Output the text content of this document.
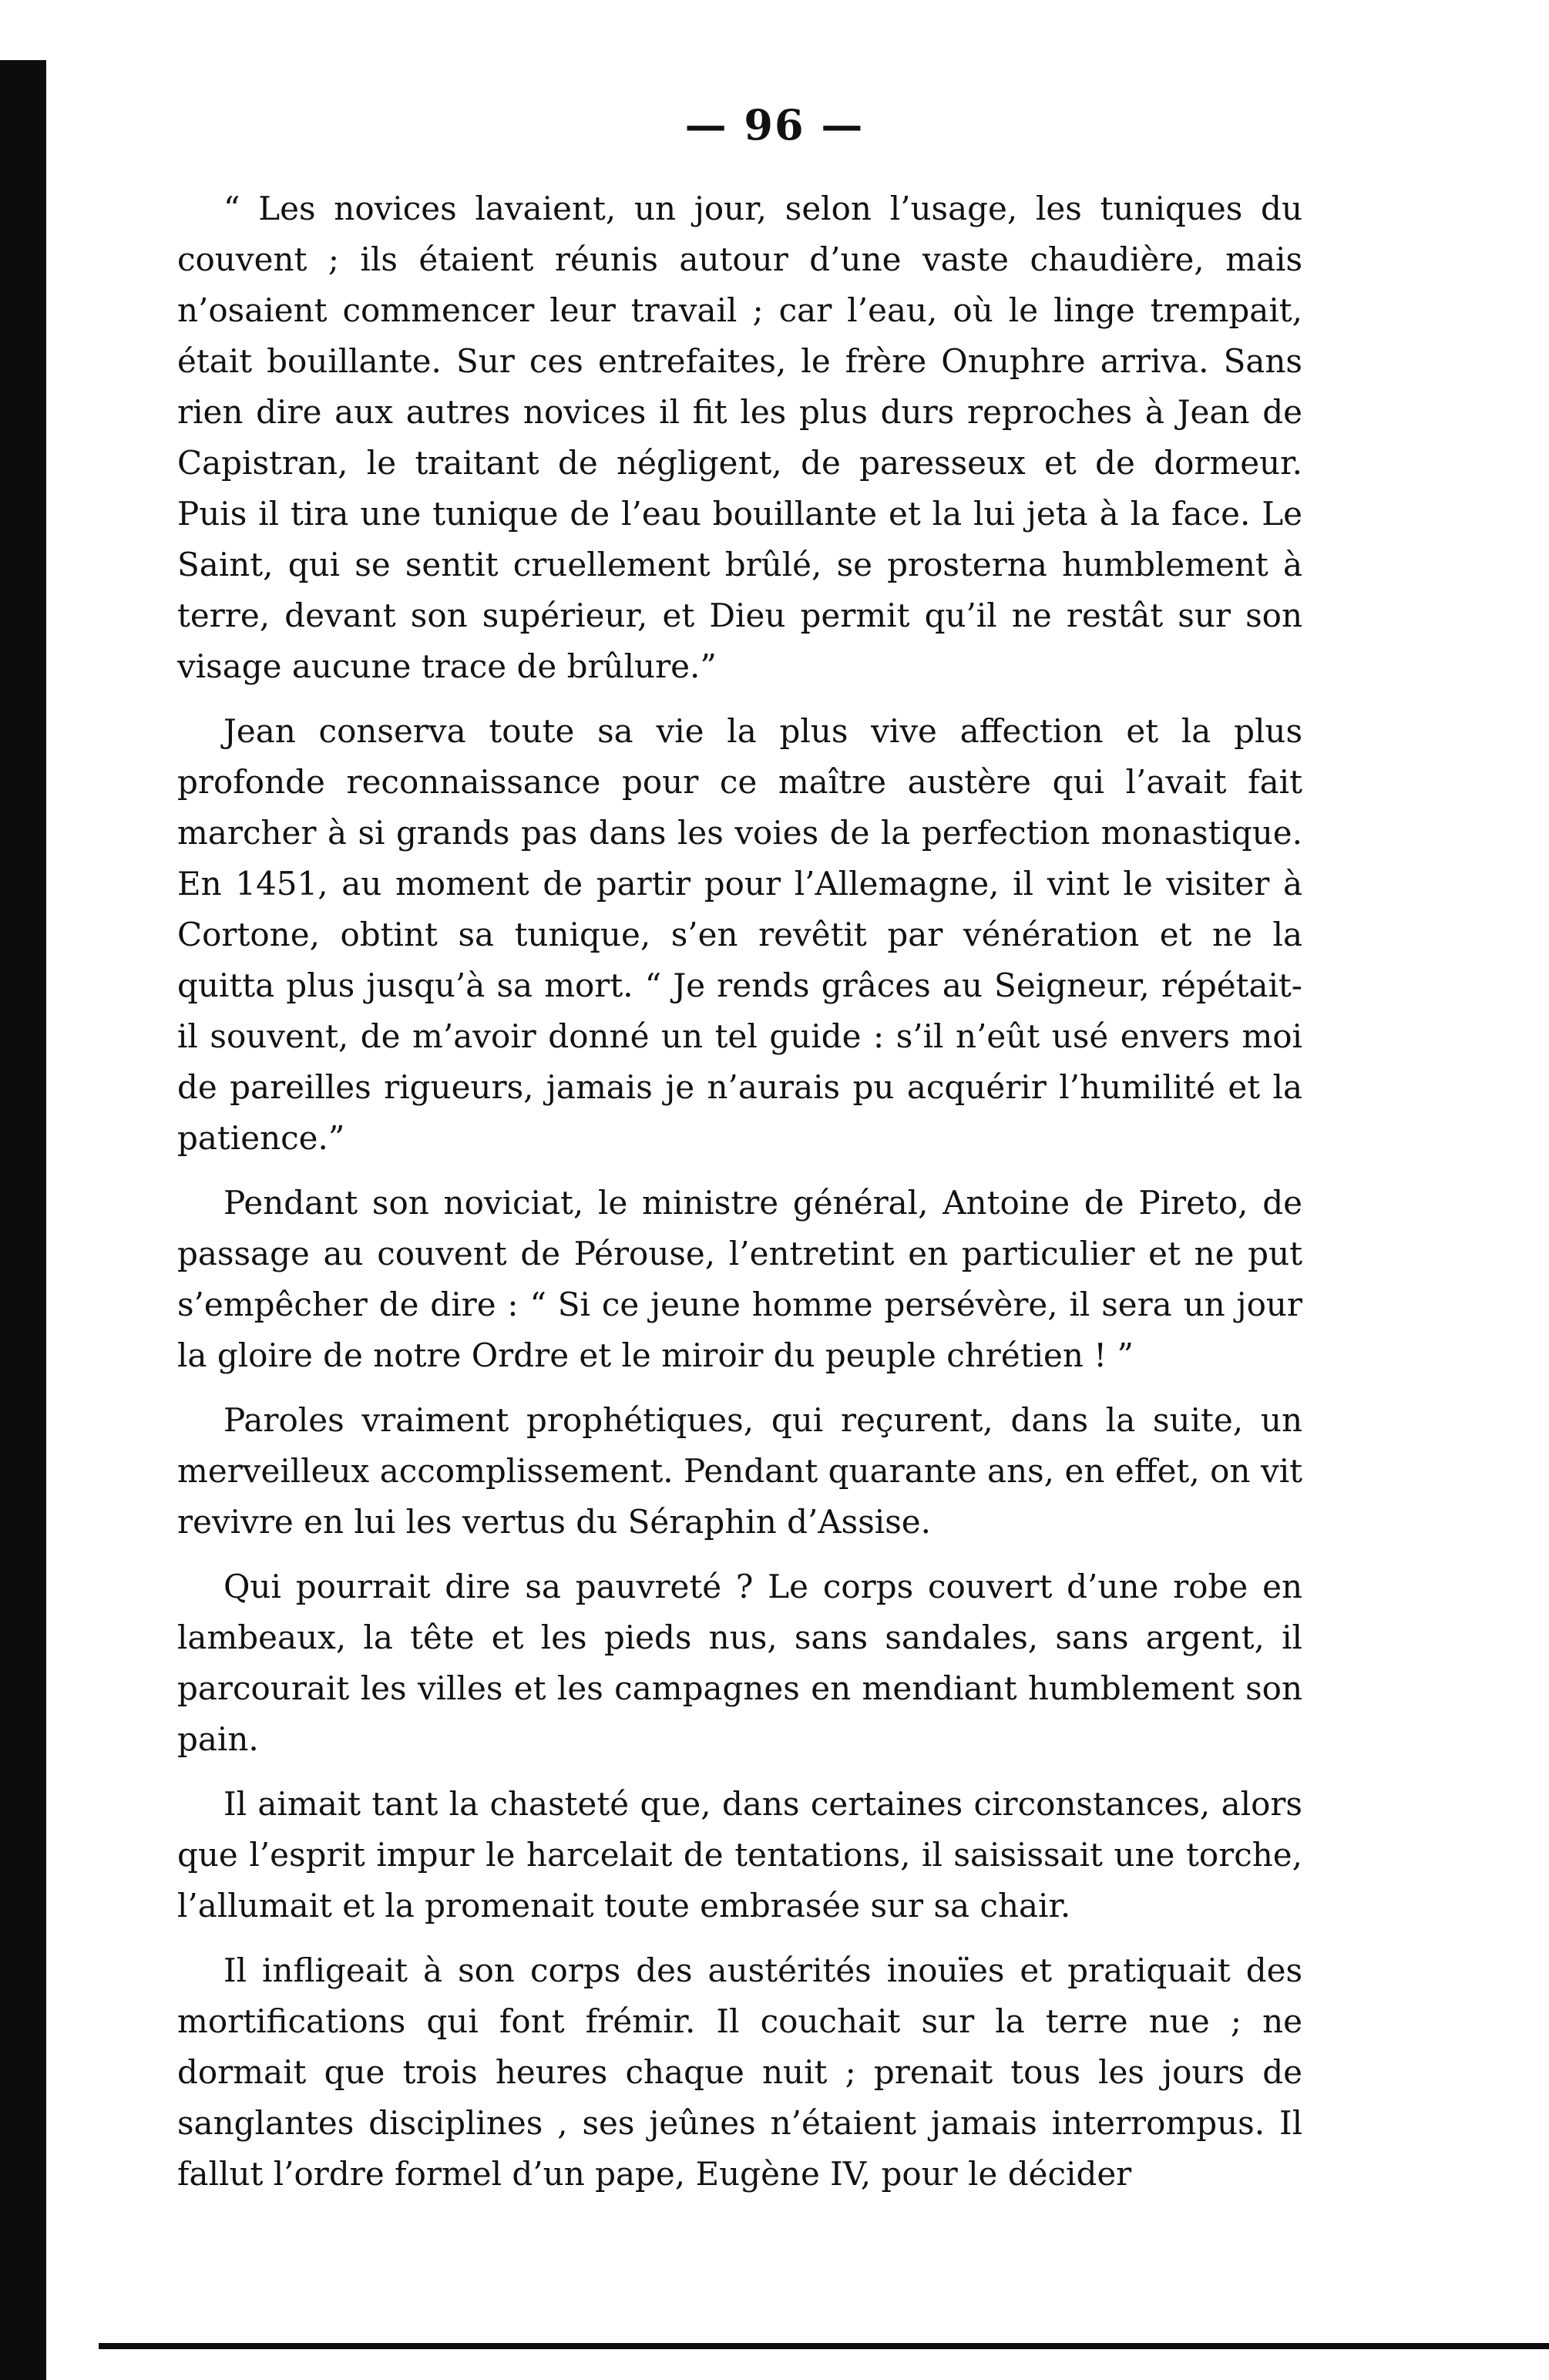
— 96 —

“ Les novices lavaient, un jour, selon l’usage, les tuniques du couvent ; ils étaient réunis autour d’une vaste chaudière, mais n’osaient commencer leur travail ; car l’eau, où le linge trempait, était bouillante. Sur ces entrefaites, le frère Onuphre arriva. Sans rien dire aux autres novices il fit les plus durs reproches à Jean de Capistran, le traitant de négligent, de paresseux et de dormeur. Puis il tira une tunique de l’eau bouillante et la lui jeta à la face. Le Saint, qui se sentit cruellement brûlé, se prosterna humblement à terre, devant son supérieur, et Dieu permit qu’il ne restât sur son visage aucune trace de brûlure.”

Jean conserva toute sa vie la plus vive affection et la plus profonde reconnaissance pour ce maître austère qui l’avait fait marcher à si grands pas dans les voies de la perfection monastique. En 1451, au moment de partir pour l’Allemagne, il vint le visiter à Cortone, obtint sa tunique, s’en revêtit par vénération et ne la quitta plus jusqu’à sa mort. “ Je rends grâces au Seigneur, répétait-il souvent, de m’avoir donné un tel guide : s’il n’eût usé envers moi de pareilles rigueurs, jamais je n’aurais pu acquérir l’humilité et la patience.”

Pendant son noviciat, le ministre général, Antoine de Pireto, de passage au couvent de Pérouse, l’entretint en particulier et ne put s’empêcher de dire : “ Si ce jeune homme persévère, il sera un jour la gloire de notre Ordre et le miroir du peuple chrétien ! ”

Paroles vraiment prophétiques, qui reçurent, dans la suite, un merveilleux accomplissement. Pendant quarante ans, en effet, on vit revivre en lui les vertus du Séraphin d’Assise.

Qui pourrait dire sa pauvreté ? Le corps couvert d’une robe en lambeaux, la tête et les pieds nus, sans sandales, sans argent, il parcourait les villes et les campagnes en mendiant humblement son pain.

Il aimait tant la chasteté que, dans certaines circonstances, alors que l’esprit impur le harcelait de tentations, il saisissait une torche, l’allumait et la promenait toute embrasée sur sa chair.

Il infligeait à son corps des austérités inouïes et pratiquait des mortifications qui font frémir. Il couchait sur la terre nue ; ne dormait que trois heures chaque nuit ; prenait tous les jours de sanglantes disciplines , ses jeûnes n’étaient jamais interrompus. Il fallut l’ordre formel d’un pape, Eugène IV, pour le décider
